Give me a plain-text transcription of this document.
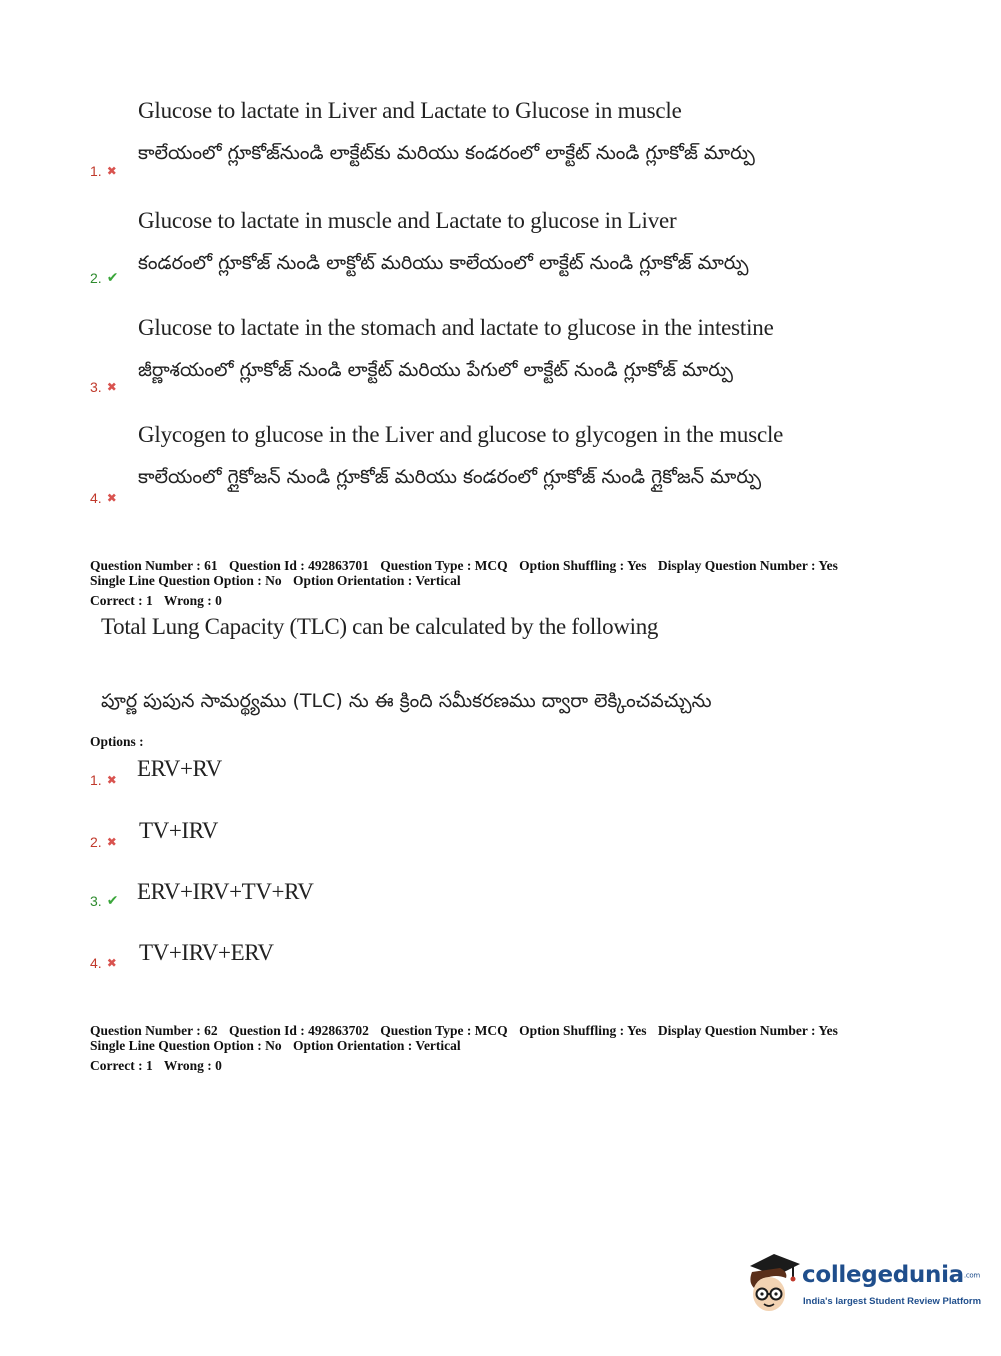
Glucose to lactate in Liver and Lactate to Glucose in muscle
కాలేయంలో గ్లూకోజ్‌నుండి లాక్టేట్‌కు మరియు కండరంలో లాక్టేట్ నుండి గ్లూకోజ్ మార్పు
1. ✖
Glucose to lactate in muscle and Lactate to glucose in Liver
కండరంలో గ్లూకోజ్ నుండి లాక్టోట్ మరియు కాలేయంలో లాక్టేట్ నుండి గ్లూకోజ్ మార్పు
2. ✔
Glucose to lactate in the stomach and lactate to glucose in the intestine
జీర్ణాశయంలో గ్లూకోజ్ నుండి లాక్టేట్ మరియు పేగులో లాక్టేట్ నుండి గ్లూకోజ్ మార్పు
3. ✖
Glycogen to glucose in the Liver and glucose to glycogen in the muscle
కాలేయంలో గ్లైకోజన్ నుండి గ్లూకోజ్ మరియు కండరంలో గ్లూకోజ్ నుండి గ్లైకోజన్ మార్పు
4. ✖
Question Number : 61 Question Id : 492863701 Question Type : MCQ Option Shuffling : Yes Display Question Number : Yes
Single Line Question Option : No Option Orientation : Vertical
Correct : 1 Wrong : 0
Total Lung Capacity (TLC) can be calculated by the following
పూర్ణ పుపున సామర్థ్యము (TLC) ను ఈ క్రింది సమీకరణము ద్వారా లెక్కించవచ్చును
Options :
ERV+RV
1. ✖
TV+IRV
2. ✖
ERV+IRV+TV+RV
3. ✔
TV+IRV+ERV
4. ✖
Question Number : 62 Question Id : 492863702 Question Type : MCQ Option Shuffling : Yes Display Question Number : Yes
Single Line Question Option : No Option Orientation : Vertical
Correct : 1 Wrong : 0
collegedunia.com
India's largest Student Review Platform
